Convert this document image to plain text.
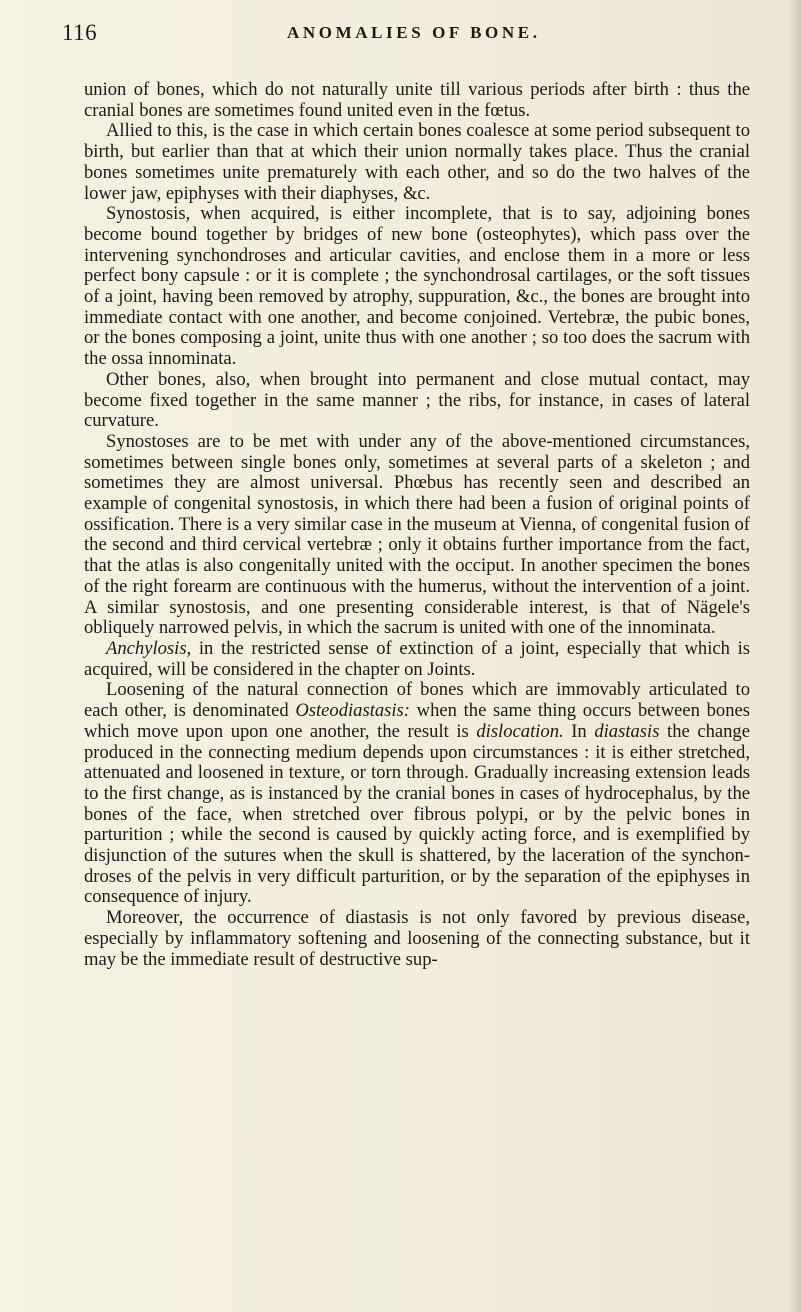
116	ANOMALIES OF BONE.

union of bones, which do not naturally unite till various periods after birth : thus the cranial bones are sometimes found united even in the fœtus.

Allied to this, is the case in which certain bones coalesce at some period subsequent to birth, but earlier than that at which their union normally takes place. Thus the cranial bones sometimes unite prematurely with each other, and so do the two halves of the lower jaw, epiphyses with their diaphyses, &c.

Synostosis, when acquired, is either incomplete, that is to say, adjoining bones become bound together by bridges of new bone (osteophytes), which pass over the intervening synchondroses and articular cavities, and enclose them in a more or less perfect bony capsule : or it is complete ; the synchondrosal cartilages, or the soft tissues of a joint, having been removed by atrophy, suppuration, &c., the bones are brought into immediate contact with one another, and become conjoined. Vertebræ, the pubic bones, or the bones composing a joint, unite thus with one another ; so too does the sacrum with the ossa innominata.

Other bones, also, when brought into permanent and close mutual contact, may become fixed together in the same manner ; the ribs, for instance, in cases of lateral curvature.

Synostoses are to be met with under any of the above-mentioned circumstances, sometimes between single bones only, sometimes at several parts of a skeleton ; and sometimes they are almost universal. Phœbus has recently seen and described an example of congenital synostosis, in which there had been a fusion of original points of ossification. There is a very similar case in the museum at Vienna, of congenital fusion of the second and third cervical vertebræ ; only it obtains further importance from the fact, that the atlas is also congenitally united with the occiput. In another specimen the bones of the right forearm are continuous with the humerus, without the intervention of a joint. A similar synostosis, and one presenting considerable interest, is that of Nägele's obliquely narrowed pelvis, in which the sacrum is united with one of the innominata.

Anchylosis, in the restricted sense of extinction of a joint, especially that which is acquired, will be considered in the chapter on Joints.

Loosening of the natural connection of bones which are immovably articulated to each other, is denominated Osteodiastasis: when the same thing occurs between bones which move upon upon one another, the result is dislocation. In diastasis the change produced in the connecting medium depends upon circumstances : it is either stretched, attenuated and loosened in texture, or torn through. Gradually increasing extension leads to the first change, as is instanced by the cranial bones in cases of hydrocephalus, by the bones of the face, when stretched over fibrous polypi, or by the pelvic bones in parturition ; while the second is caused by quickly acting force, and is exemplified by disjunction of the sutures when the skull is shattered, by the laceration of the synchondroses of the pelvis in very difficult parturition, or by the separation of the epiphyses in consequence of injury.

Moreover, the occurrence of diastasis is not only favored by previous disease, especially by inflammatory softening and loosening of the connecting substance, but it may be the immediate result of destructive sup-
